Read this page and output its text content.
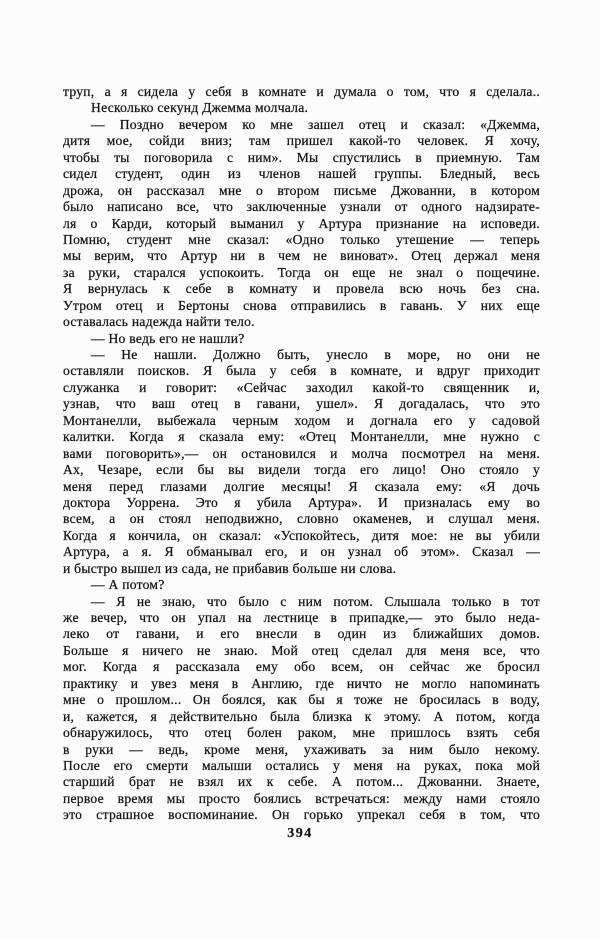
труп, а я сидела у себя в комнате и думала о том, что я сделала..
Несколько секунд Джемма молчала.
— Поздно вечером ко мне зашел отец и сказал: «Джемма,
дитя мое, сойди вниз; там пришел какой-то человек. Я хочу,
чтобы ты поговорила с ним». Мы спустились в приемную. Там
сидел студент, один из членов нашей группы. Бледный, весь
дрожа, он рассказал мне о втором письме Джованни, в котором
было написано все, что заключенные узнали от одного надзирате-
ля о Карди, который выманил у Артура признание на исповеди.
Помню, студент мне сказал: «Одно только утешение — теперь
мы верим, что Артур ни в чем не виноват». Отец держал меня
за руки, старался успокоить. Тогда он еще не знал о пощечине.
Я вернулась к себе в комнату и провела всю ночь без сна.
Утром отец и Бертоны снова отправились в гавань. У них еще
оставалась надежда найти тело.
— Но ведь его не нашли?
— Не нашли. Должно быть, унесло в море, но они не
оставляли поисков. Я была у себя в комнате, и вдруг приходит
служанка и говорит: «Сейчас заходил какой-то священник и,
узнав, что ваш отец в гавани, ушел». Я догадалась, что это
Монтанелли, выбежала черным ходом и догнала его у садовой
калитки. Когда я сказала ему: «Отец Монтанелли, мне нужно с
вами поговорить»,— он остановился и молча посмотрел на меня.
Ах, Чезаре, если бы вы видели тогда его лицо! Оно стояло у
меня перед глазами долгие месяцы! Я сказала ему: «Я дочь
доктора Уоррена. Это я убила Артура». И призналась ему во
всем, а он стоял неподвижно, словно окаменев, и слушал меня.
Когда я кончила, он сказал: «Успокойтесь, дитя мое: не вы убили
Артура, а я. Я обманывал его, и он узнал об этом». Сказал —
и быстро вышел из сада, не прибавив больше ни слова.
— А потом?
— Я не знаю, что было с ним потом. Слышала только в тот
же вечер, что он упал на лестнице в припадке,— это было неда-
леко от гавани, и его внесли в один из ближайших домов.
Больше я ничего не знаю. Мой отец сделал для меня все, что
мог. Когда я рассказала ему обо всем, он сейчас же бросил
практику и увез меня в Англию, где ничто не могло напоминать
мне о прошлом... Он боялся, как бы я тоже не бросилась в воду,
и, кажется, я действительно была близка к этому. А потом, когда
обнаружилось, что отец болен раком, мне пришлось взять себя
в руки — ведь, кроме меня, ухаживать за ним было некому.
После его смерти малыши остались у меня на руках, пока мой
старший брат не взял их к себе. А потом... Джованни. Знаете,
первое время мы просто боялись встречаться: между нами стояло
это страшное воспоминание. Он горько упрекал себя в том, что
394
